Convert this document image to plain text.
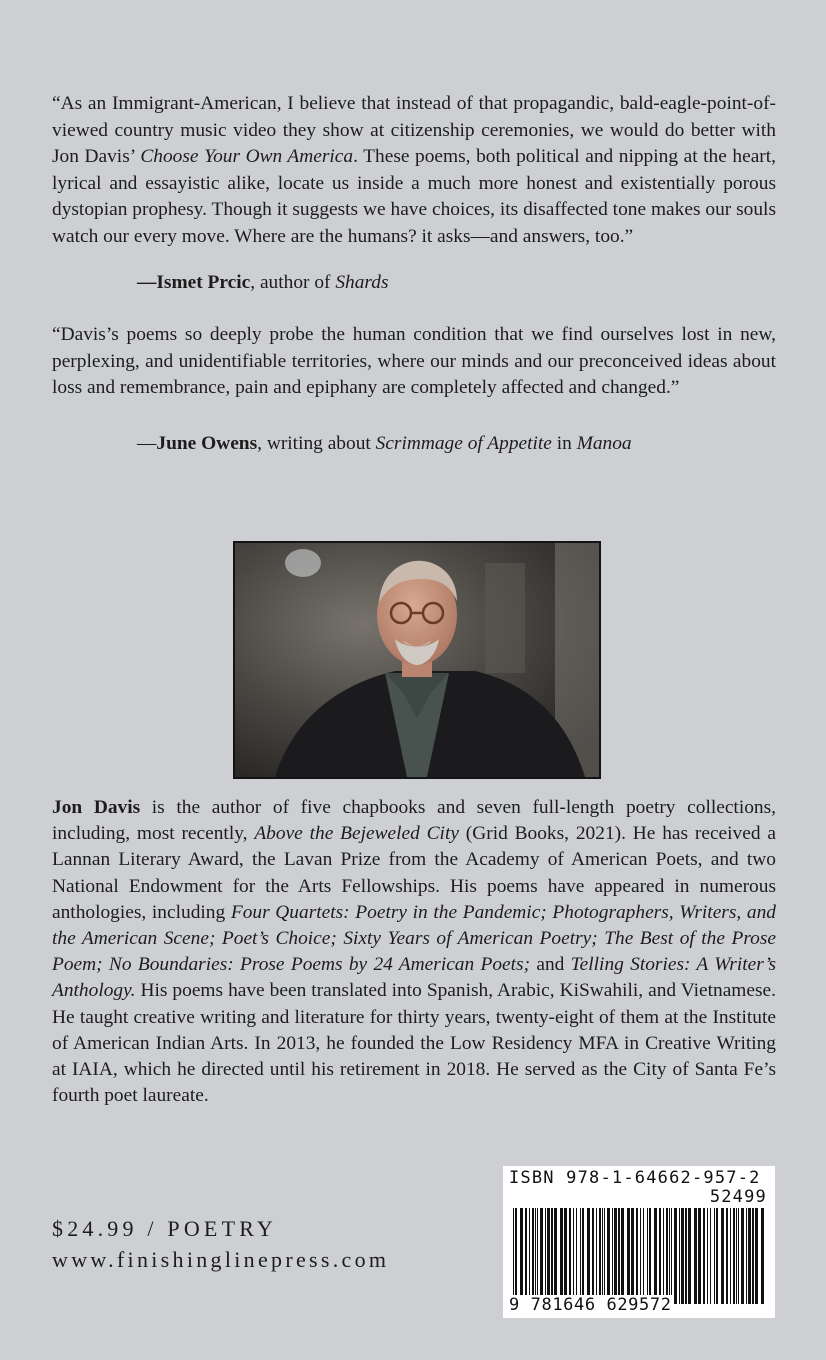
“As an Immigrant-American, I believe that instead of that propagandic, bald-eagle-point-of-viewed country music video they show at citizenship ceremonies, we would do better with Jon Davis’ Choose Your Own America. These poems, both political and nipping at the heart, lyrical and essayistic alike, locate us inside a much more honest and existentially porous dystopian prophesy. Though it suggests we have choices, its disaffected tone makes our souls watch our every move. Where are the humans? it asks—and answers, too.”

—Ismet Prcic, author of Shards

“Davis’s poems so deeply probe the human condition that we find ourselves lost in new, perplexing, and unidentifiable territories, where our minds and our preconceived ideas about loss and remembrance, pain and epiphany are completely affected and changed.”

—June Owens, writing about Scrimmage of Appetite in Manoa

Jon Davis is the author of five chapbooks and seven full-length poetry collections, including, most recently, Above the Bejeweled City (Grid Books, 2021). He has received a Lannan Literary Award, the Lavan Prize from the Academy of American Poets, and two National Endowment for the Arts Fellowships. His poems have appeared in numerous anthologies, including Four Quartets: Poetry in the Pandemic; Photographers, Writers, and the American Scene; Poet’s Choice; Sixty Years of American Poetry; The Best of the Prose Poem; No Boundaries: Prose Poems by 24 American Poets; and Telling Stories: A Writer’s Anthology. His poems have been translated into Spanish, Arabic, KiSwahili, and Vietnamese. He taught creative writing and literature for thirty years, twenty-eight of them at the Institute of American Indian Arts. In 2013, he founded the Low Residency MFA in Creative Writing at IAIA, which he directed until his retirement in 2018. He served as the City of Santa Fe’s fourth poet laureate.

$24.99 / POETRY
www.finishinglinepress.com
ISBN 978-1-64662-957-2
52499
9 781646 629572
